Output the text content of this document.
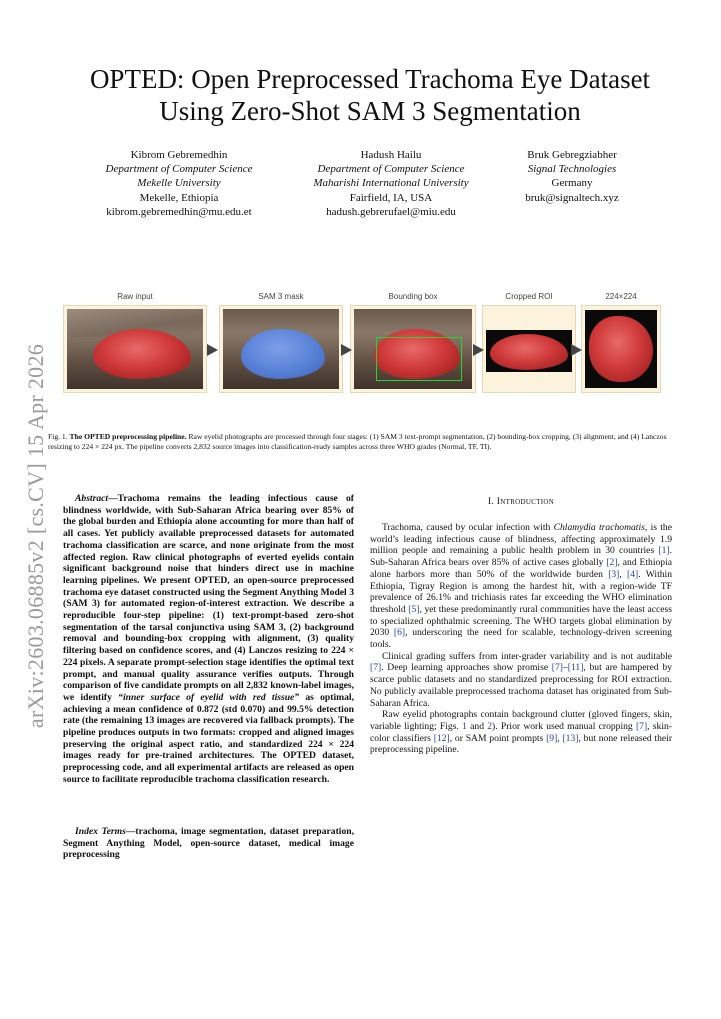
arXiv:2603.06885v2 [cs.CV] 15 Apr 2026
OPTED: Open Preprocessed Trachoma Eye Dataset
Using Zero-Shot SAM 3 Segmentation
Kibrom Gebremedhin
Department of Computer Science
Mekelle University
Mekelle, Ethiopia
kibrom.gebremedhin@mu.edu.et
Hadush Hailu
Department of Computer Science
Maharishi International University
Fairfield, IA, USA
hadush.gebrerufael@miu.edu
Bruk Gebregziabher
Signal Technologies
Germany
bruk@signaltech.xyz
Raw input	SAM 3 mask	Bounding box	Cropped ROI	224×224
Fig. 1. The OPTED preprocessing pipeline. Raw eyelid photographs are processed through four stages: (1) SAM 3 text-prompt segmentation, (2) bounding-box cropping, (3) alignment, and (4) Lanczos resizing to 224 × 224 px. The pipeline converts 2,832 source images into classification-ready samples across three WHO grades (Normal, TF, TI).
Abstract—Trachoma remains the leading infectious cause of blindness worldwide, with Sub-Saharan Africa bearing over 85% of the global burden and Ethiopia alone accounting for more than half of all cases. Yet publicly available preprocessed datasets for automated trachoma classification are scarce, and none originate from the most affected region. Raw clinical photographs of everted eyelids contain significant background noise that hinders direct use in machine learning pipelines. We present OPTED, an open-source preprocessed trachoma eye dataset constructed using the Segment Anything Model 3 (SAM 3) for automated region-of-interest extraction. We describe a reproducible four-step pipeline: (1) text-prompt-based zero-shot segmentation of the tarsal conjunctiva using SAM 3, (2) background removal and bounding-box cropping with alignment, (3) quality filtering based on confidence scores, and (4) Lanczos resizing to 224 × 224 pixels. A separate prompt-selection stage identifies the optimal text prompt, and manual quality assurance verifies outputs. Through comparison of five candidate prompts on all 2,832 known-label images, we identify “inner surface of eyelid with red tissue” as optimal, achieving a mean confidence of 0.872 (std 0.070) and 99.5% detection rate (the remaining 13 images are recovered via fallback prompts). The pipeline produces outputs in two formats: cropped and aligned images preserving the original aspect ratio, and standardized 224 × 224 images ready for pre-trained architectures. The OPTED dataset, preprocessing code, and all experimental artifacts are released as open source to facilitate reproducible trachoma classification research.
Index Terms—trachoma, image segmentation, dataset preparation, Segment Anything Model, open-source dataset, medical image preprocessing
I. Introduction

Trachoma, caused by ocular infection with Chlamydia trachomatis, is the world’s leading infectious cause of blindness, affecting approximately 1.9 million people and remaining a public health problem in 30 countries [1]. Sub-Saharan Africa bears over 85% of active cases globally [2], and Ethiopia alone harbors more than 50% of the worldwide burden [3], [4]. Within Ethiopia, Tigray Region is among the hardest hit, with a region-wide TF prevalence of 26.1% and trichiasis rates far exceeding the WHO elimination threshold [5], yet these predominantly rural communities have the least access to specialized ophthalmic screening. The WHO targets global elimination by 2030 [6], underscoring the need for scalable, technology-driven screening tools.

Clinical grading suffers from inter-grader variability and is not auditable [7]. Deep learning approaches show promise [7]–[11], but are hampered by scarce public datasets and no standardized preprocessing for ROI extraction. No publicly available preprocessed trachoma dataset has originated from Sub-Saharan Africa.

Raw eyelid photographs contain background clutter (gloved fingers, skin, variable lighting; Figs. 1 and 2). Prior work used manual cropping [7], skin-color classifiers [12], or SAM point prompts [9], [13], but none released their preprocessing pipeline.
